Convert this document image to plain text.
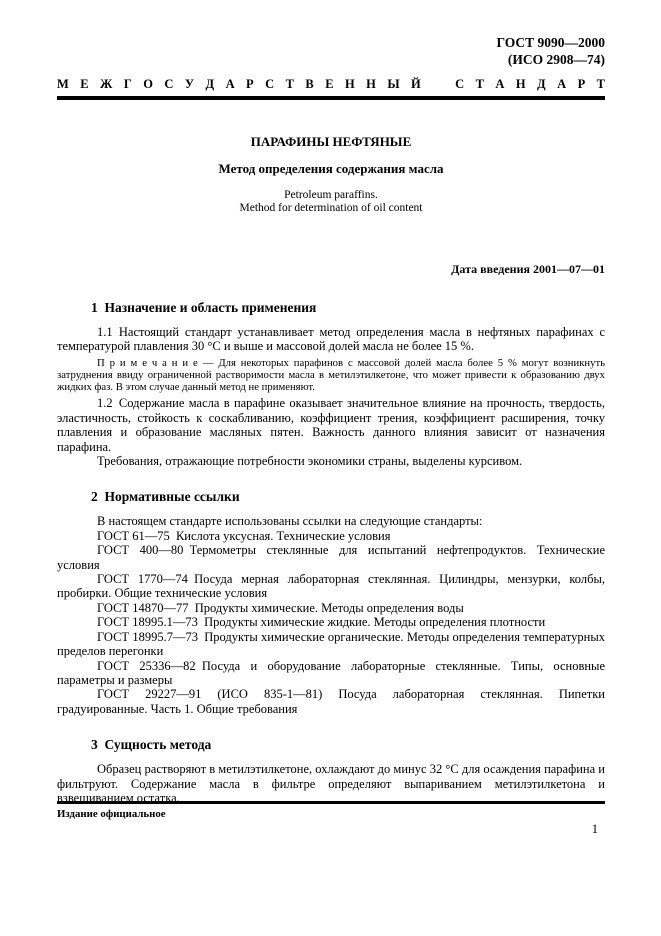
ГОСТ 9090—2000
(ИСО 2908—74)
М Е Ж Г О С У Д А Р С Т В Е Н Н Ы Й   С Т А Н Д А Р Т
ПАРАФИНЫ НЕФТЯНЫЕ
Метод определения содержания масла
Petroleum paraffins.
Method for determination of oil content
Дата введения 2001—07—01
1 Назначение и область применения

1.1 Настоящий стандарт устанавливает метод определения масла в нефтяных парафинах с температурой плавления 30 °С и выше и массовой долей масла не более 15 %.

П р и м е ч а н и е — Для некоторых парафинов с массовой долей масла более 5 % могут возникнуть затруднения ввиду ограниченной растворимости масла в метилэтилкетоне, что может привести к образованию двух жидких фаз. В этом случае данный метод не применяют.

1.2 Содержание масла в парафине оказывает значительное влияние на прочность, твердость, эластичность, стойкость к соскабливанию, коэффициент трения, коэффициент расширения, точку плавления и образование масляных пятен. Важность данного влияния зависит от назначения парафина.

Требования, отражающие потребности экономики страны, выделены курсивом.

2 Нормативные ссылки

В настоящем стандарте использованы ссылки на следующие стандарты:

ГОСТ 61—75 Кислота уксусная. Технические условия

ГОСТ 400—80 Термометры стеклянные для испытаний нефтепродуктов. Технические условия

ГОСТ 1770—74 Посуда мерная лабораторная стеклянная. Цилиндры, мензурки, колбы, пробирки. Общие технические условия

ГОСТ 14870—77 Продукты химические. Методы определения воды

ГОСТ 18995.1—73 Продукты химические жидкие. Методы определения плотности

ГОСТ 18995.7—73 Продукты химические органические. Методы определения температурных пределов перегонки

ГОСТ 25336—82 Посуда и оборудование лабораторные стеклянные. Типы, основные параметры и размеры

ГОСТ 29227—91 (ИСО 835-1—81) Посуда лабораторная стеклянная. Пипетки градуированные. Часть 1. Общие требования

3 Сущность метода

Образец растворяют в метилэтилкетоне, охлаждают до минус 32 °С для осаждения парафина и фильтруют. Содержание масла в фильтре определяют выпариванием метилэтилкетона и взвешиванием остатка.

Издание официальное
1
